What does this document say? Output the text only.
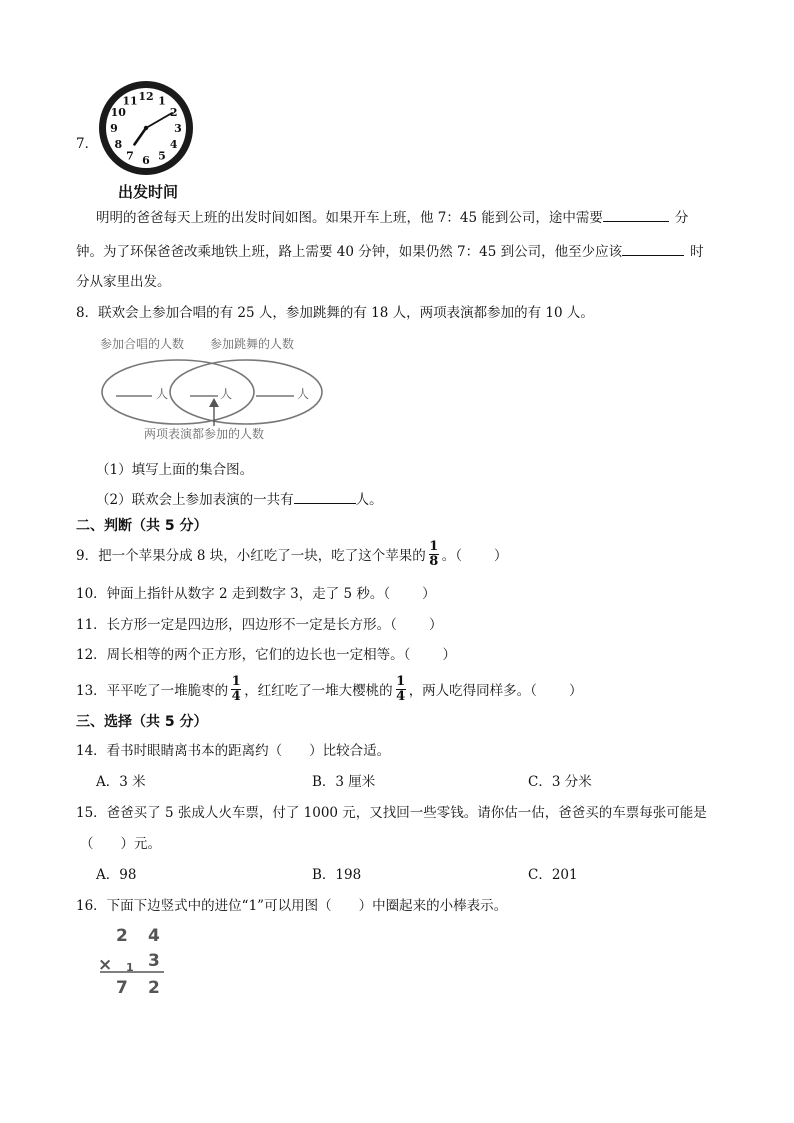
7．
12 1
2
3
4
5
6
7
8
9
10
11
出发时间
明明的爸爸每天上班的出发时间如图。如果开车上班，他 7：45 能到公司，途中需要	分
钟。为了环保爸爸改乘地铁上班，路上需要 40 分钟，如果仍然 7：45 到公司，他至少应该	时
分从家里出发。
8．联欢会上参加合唱的有 25 人，参加跳舞的有 18 人，两项表演都参加的有 10 人。
参加合唱的人数 参加跳舞的人数
人	人	人
两项表演都参加的人数
（1）填写上面的集合图。
（2）联欢会上参加表演的一共有	人。
二、判断（共 5 分）
9．把一个苹果分成 8 块，小红吃了一块，吃了这个苹果的 $\frac{1}{8}$ 。（ ）
10．钟面上指针从数字 2 走到数字 3，走了 5 秒。（ ）
11．长方形一定是四边形，四边形不一定是长方形。（ ）
12．周长相等的两个正方形，它们的边长也一定相等。（ ）
13．平平吃了一堆脆枣的 $\frac{1}{4}$ ，红红吃了一堆大樱桃的 $\frac{1}{4}$ ，两人吃得同样多。（ ）
三、选择（共 5 分）
14．看书时眼睛离书本的距离约（　　）比较合适。
A．3 米	B．3 厘米	C．3 分米
15．爸爸买了 5 张成人火车票，付了 1000 元，又找回一些零钱。请你估一估，爸爸买的车票每张可能是
（　　）元。
A．98	B．198	C．201
16．下面下边竖式中的进位“1”可以用图（　　）中圈起来的小棒表示。
2 4
× 1 3
7 2
